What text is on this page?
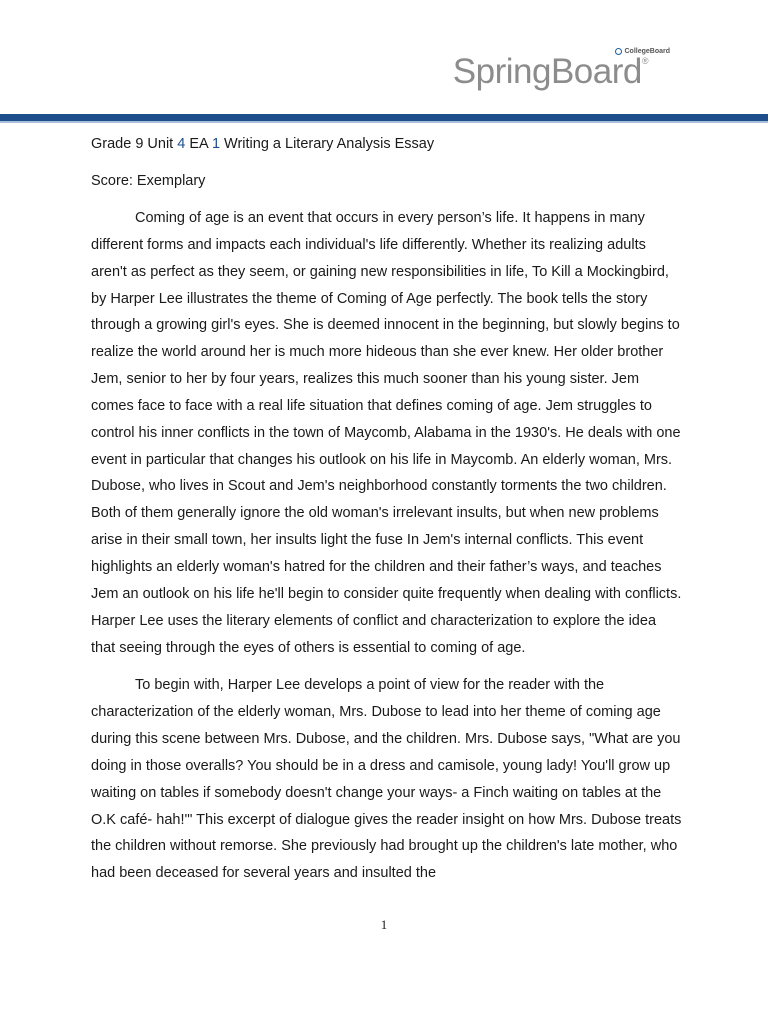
CollegeBoard
SpringBoard®

Grade 9 Unit 4 EA 1 Writing a Literary Analysis Essay

Score: Exemplary

Coming of age is an event that occurs in every person’s life. It happens in many different forms and impacts each individual's life differently. Whether its realizing adults aren't as perfect as they seem, or gaining new responsibilities in life, To Kill a Mockingbird, by Harper Lee illustrates the theme of Coming of Age perfectly. The book tells the story through a growing girl's eyes. She is deemed innocent in the beginning, but slowly begins to realize the world around her is much more hideous than she ever knew. Her older brother Jem, senior to her by four years, realizes this much sooner than his young sister. Jem comes face to face with a real life situation that defines coming of age. Jem struggles to control his inner conflicts in the town of Maycomb, Alabama in the 1930's. He deals with one event in particular that changes his outlook on his life in Maycomb. An elderly woman, Mrs. Dubose, who lives in Scout and Jem's neighborhood constantly torments the two children. Both of them generally ignore the old woman's irrelevant insults, but when new problems arise in their small town, her insults light the fuse In Jem's internal conflicts. This event highlights an elderly woman's hatred for the children and their father’s ways, and teaches Jem an outlook on his life he'll begin to consider quite frequently when dealing with conflicts. Harper Lee uses the literary elements of conflict and characterization to explore the idea that seeing through the eyes of others is essential to coming of age.

To begin with, Harper Lee develops a point of view for the reader with the characterization of the elderly woman, Mrs. Dubose to lead into her theme of coming age during this scene between Mrs. Dubose, and the children. Mrs. Dubose says, "What are you doing in those overalls? You should be in a dress and camisole, young lady! You'll grow up waiting on tables if somebody doesn't change your ways- a Finch waiting on tables at the O.K café- hah!'" This excerpt of dialogue gives the reader insight on how Mrs. Dubose treats the children without remorse. She previously had brought up the children's late mother, who had been deceased for several years and insulted the

1
